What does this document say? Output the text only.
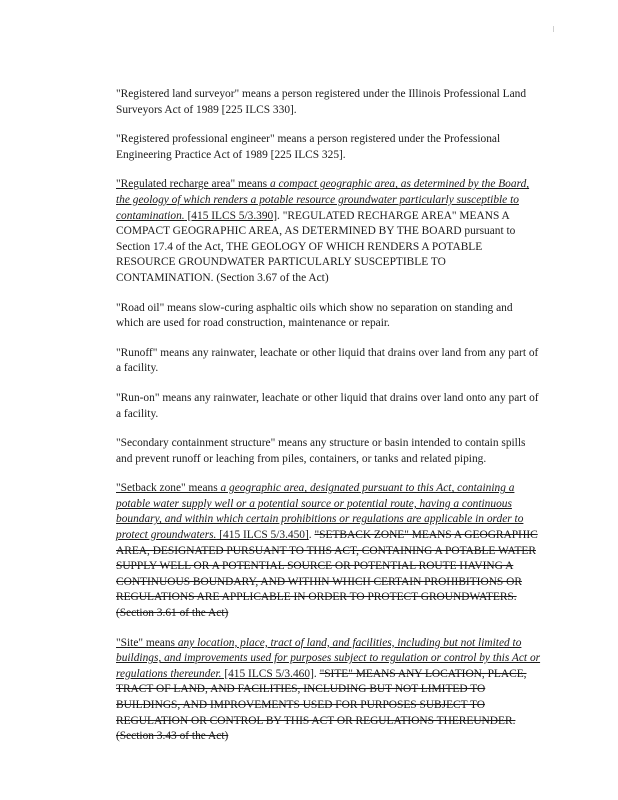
"Registered land surveyor" means a person registered under the Illinois Professional Land Surveyors Act of 1989 [225 ILCS 330].

"Registered professional engineer" means a person registered under the Professional Engineering Practice Act of 1989 [225 ILCS 325].

"Regulated recharge area" means a compact geographic area, as determined by the Board, the geology of which renders a potable resource groundwater particularly susceptible to contamination. [415 ILCS 5/3.390]. "REGULATED RECHARGE AREA" MEANS A COMPACT GEOGRAPHIC AREA, AS DETERMINED BY THE BOARD pursuant to Section 17.4 of the Act, THE GEOLOGY OF WHICH RENDERS A POTABLE RESOURCE GROUNDWATER PARTICULARLY SUSCEPTIBLE TO CONTAMINATION. (Section 3.67 of the Act)

"Road oil" means slow-curing asphaltic oils which show no separation on standing and which are used for road construction, maintenance or repair.

"Runoff" means any rainwater, leachate or other liquid that drains over land from any part of a facility.

"Run-on" means any rainwater, leachate or other liquid that drains over land onto any part of a facility.

"Secondary containment structure" means any structure or basin intended to contain spills and prevent runoff or leaching from piles, containers, or tanks and related piping.

"Setback zone" means a geographic area, designated pursuant to this Act, containing a potable water supply well or a potential source or potential route, having a continuous boundary, and within which certain prohibitions or regulations are applicable in order to protect groundwaters. [415 ILCS 5/3.450]. "SETBACK ZONE" MEANS A GEOGRAPHIC AREA, DESIGNATED PURSUANT TO THIS ACT, CONTAINING A POTABLE WATER SUPPLY WELL OR A POTENTIAL SOURCE OR POTENTIAL ROUTE HAVING A CONTINUOUS BOUNDARY, AND WITHIN WHICH CERTAIN PROHIBITIONS OR REGULATIONS ARE APPLICABLE IN ORDER TO PROTECT GROUNDWATERS. (Section 3.61 of the Act)

"Site" means any location, place, tract of land, and facilities, including but not limited to buildings, and improvements used for purposes subject to regulation or control by this Act or regulations thereunder. [415 ILCS 5/3.460]. "SITE" MEANS ANY LOCATION, PLACE, TRACT OF LAND, AND FACILITIES, INCLUDING BUT NOT LIMITED TO BUILDINGS, AND IMPROVEMENTS USED FOR PURPOSES SUBJECT TO REGULATION OR CONTROL BY THIS ACT OR REGULATIONS THEREUNDER. (Section 3.43 of the Act)
